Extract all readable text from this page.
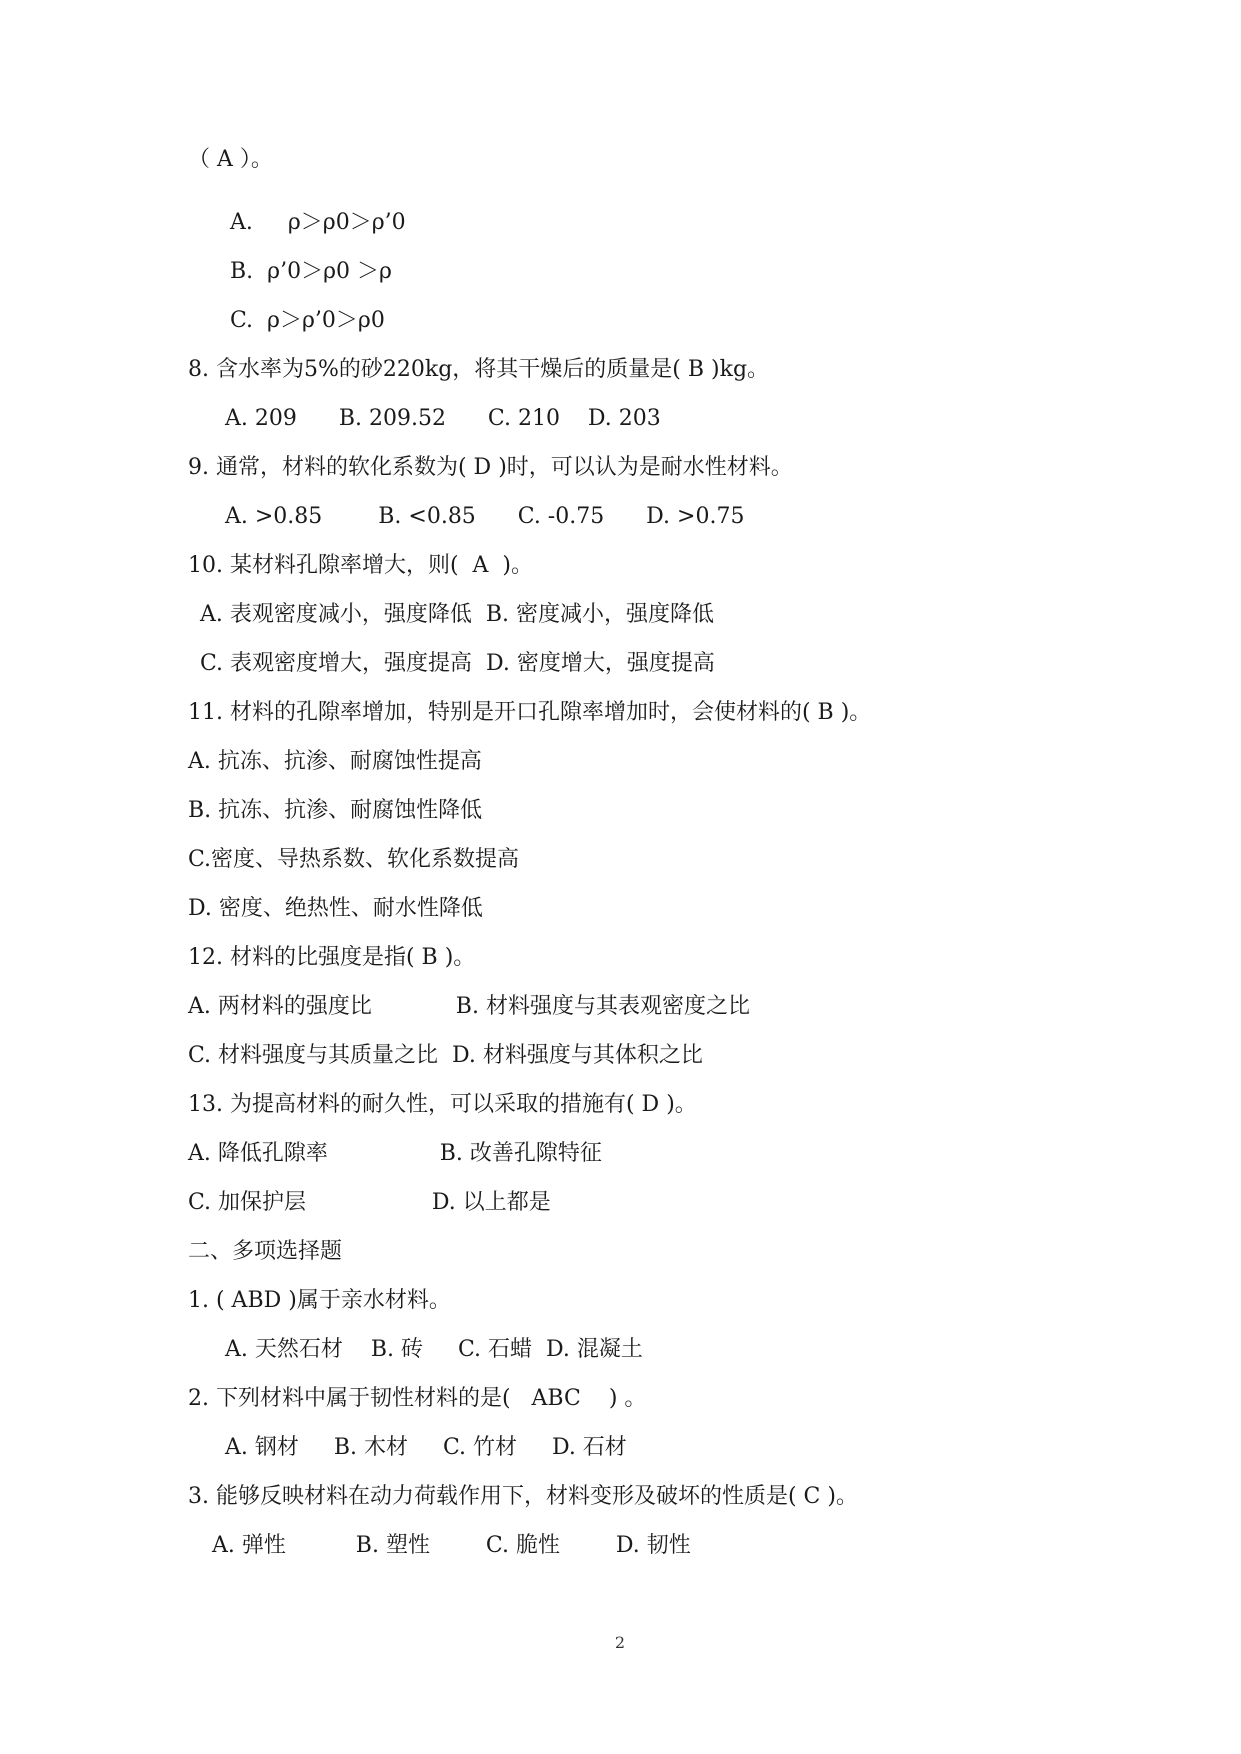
（ A ）。
A.     ρ＞ρ0＞ρ’0
B.  ρ’0＞ρ0 ＞ρ
C.  ρ＞ρ’0＞ρ0
8. 含水率为5%的砂220kg，将其干燥后的质量是( B )kg。
A. 209      B. 209.52      C. 210    D. 203
9. 通常，材料的软化系数为( D )时，可以认为是耐水性材料。
A. >0.85        B. <0.85      C. -0.75      D. >0.75
10. 某材料孔隙率增大，则(  A  )。
A. 表观密度减小，强度降低  B. 密度减小，强度降低
C. 表观密度增大，强度提高  D. 密度增大，强度提高
11. 材料的孔隙率增加，特别是开口孔隙率增加时，会使材料的( B )。
A. 抗冻、抗渗、耐腐蚀性提高
B. 抗冻、抗渗、耐腐蚀性降低
C.密度、导热系数、软化系数提高
D. 密度、绝热性、耐水性降低
12. 材料的比强度是指( B )。
A. 两材料的强度比            B. 材料强度与其表观密度之比
C. 材料强度与其质量之比  D. 材料强度与其体积之比
13. 为提高材料的耐久性，可以采取的措施有( D )。
A. 降低孔隙率                B. 改善孔隙特征
C. 加保护层                  D. 以上都是
二、多项选择题
1. ( ABD )属于亲水材料。
A. 天然石材    B. 砖     C. 石蜡  D. 混凝土
2. 下列材料中属于韧性材料的是(   ABC    ) 。
A. 钢材     B. 木材     C. 竹材     D. 石材
3. 能够反映材料在动力荷载作用下，材料变形及破坏的性质是( C )。
A. 弹性          B. 塑性        C. 脆性        D. 韧性
2
